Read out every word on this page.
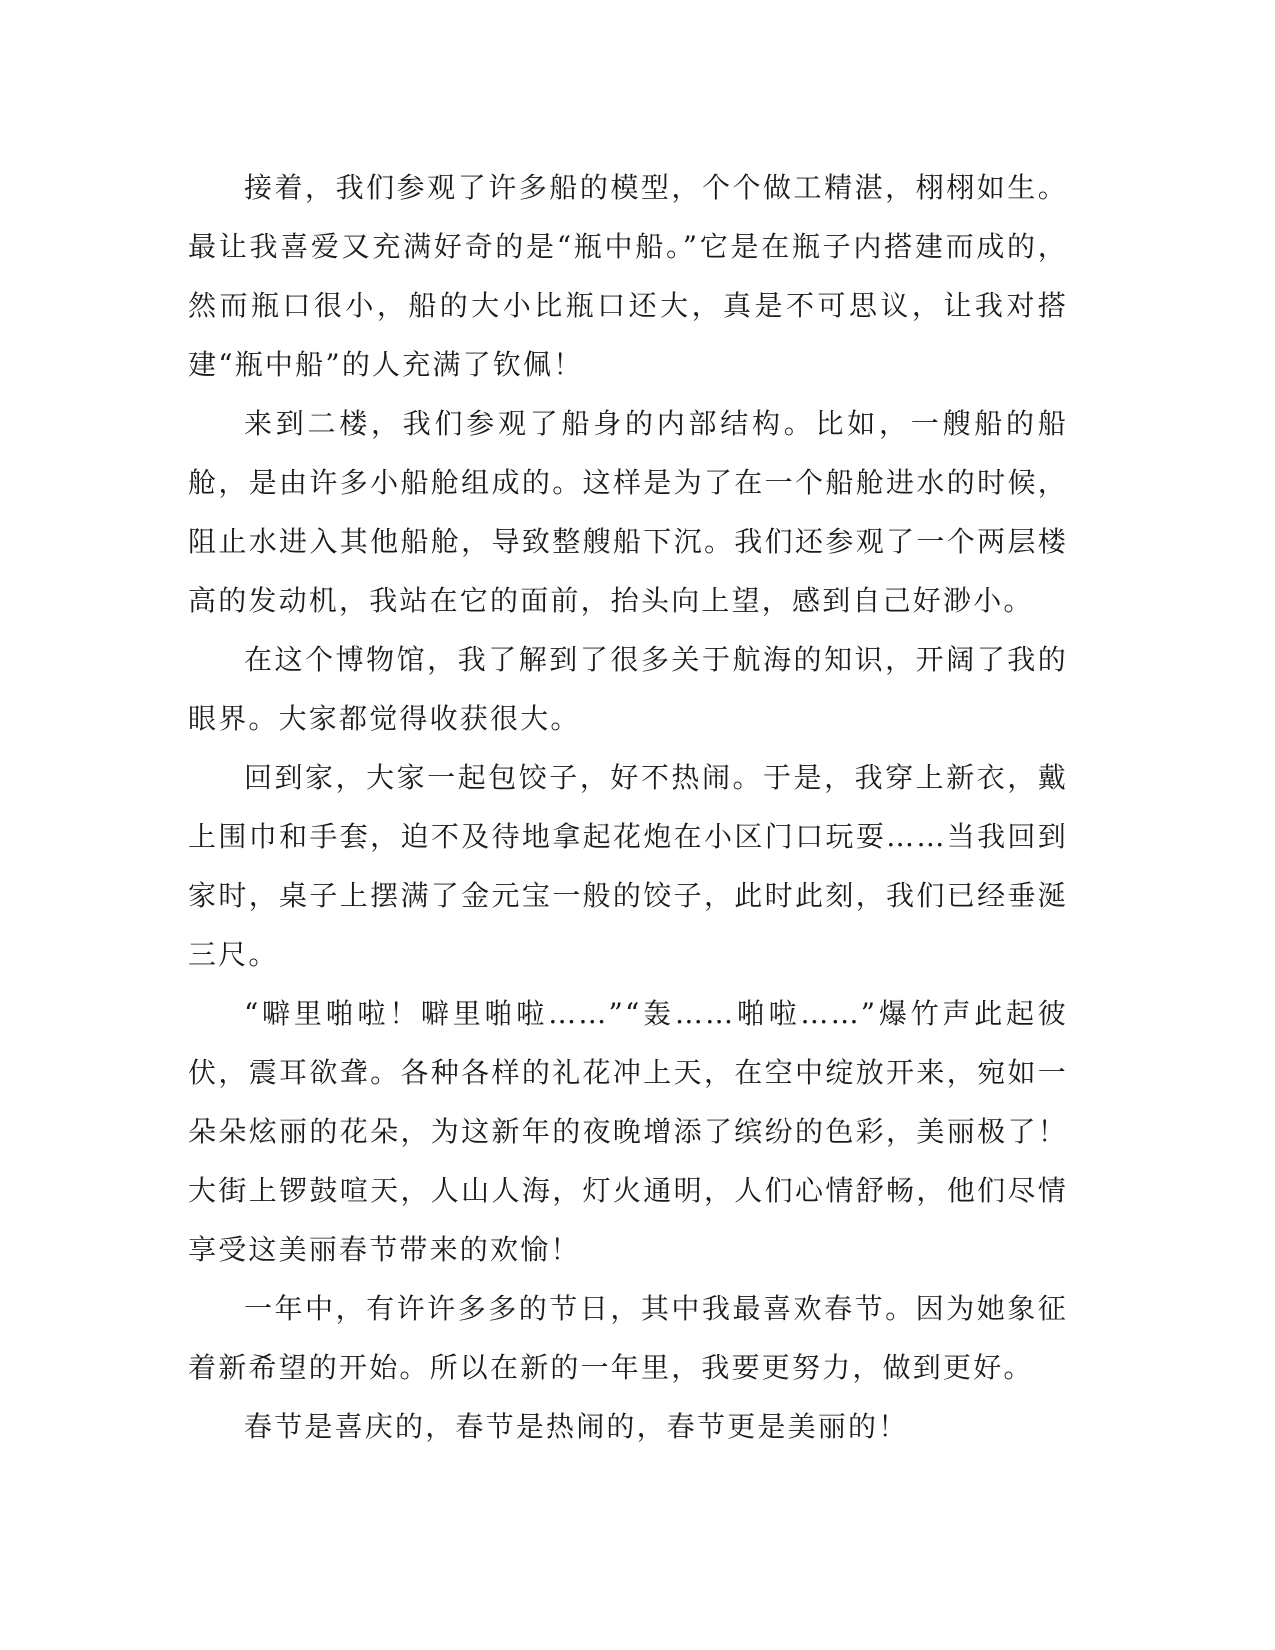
接着，我们参观了许多船的模型，个个做工精湛，栩栩如生。最让我喜爱又充满好奇的是“瓶中船。”它是在瓶子内搭建而成的，然而瓶口很小，船的大小比瓶口还大，真是不可思议，让我对搭建“瓶中船”的人充满了钦佩！

来到二楼，我们参观了船身的内部结构。比如，一艘船的船舱，是由许多小船舱组成的。这样是为了在一个船舱进水的时候，阻止水进入其他船舱，导致整艘船下沉。我们还参观了一个两层楼高的发动机，我站在它的面前，抬头向上望，感到自己好渺小。

在这个博物馆，我了解到了很多关于航海的知识，开阔了我的眼界。大家都觉得收获很大。

回到家，大家一起包饺子，好不热闹。于是，我穿上新衣，戴上围巾和手套，迫不及待地拿起花炮在小区门口玩耍……当我回到家时，桌子上摆满了金元宝一般的饺子，此时此刻，我们已经垂涎三尺。

“噼里啪啦！噼里啪啦……”“轰……啪啦……”爆竹声此起彼伏，震耳欲聋。各种各样的礼花冲上天，在空中绽放开来，宛如一朵朵炫丽的花朵，为这新年的夜晚增添了缤纷的色彩，美丽极了！大街上锣鼓喧天，人山人海，灯火通明，人们心情舒畅，他们尽情享受这美丽春节带来的欢愉！

一年中，有许许多多的节日，其中我最喜欢春节。因为她象征着新希望的开始。所以在新的一年里，我要更努力，做到更好。

春节是喜庆的，春节是热闹的，春节更是美丽的！
